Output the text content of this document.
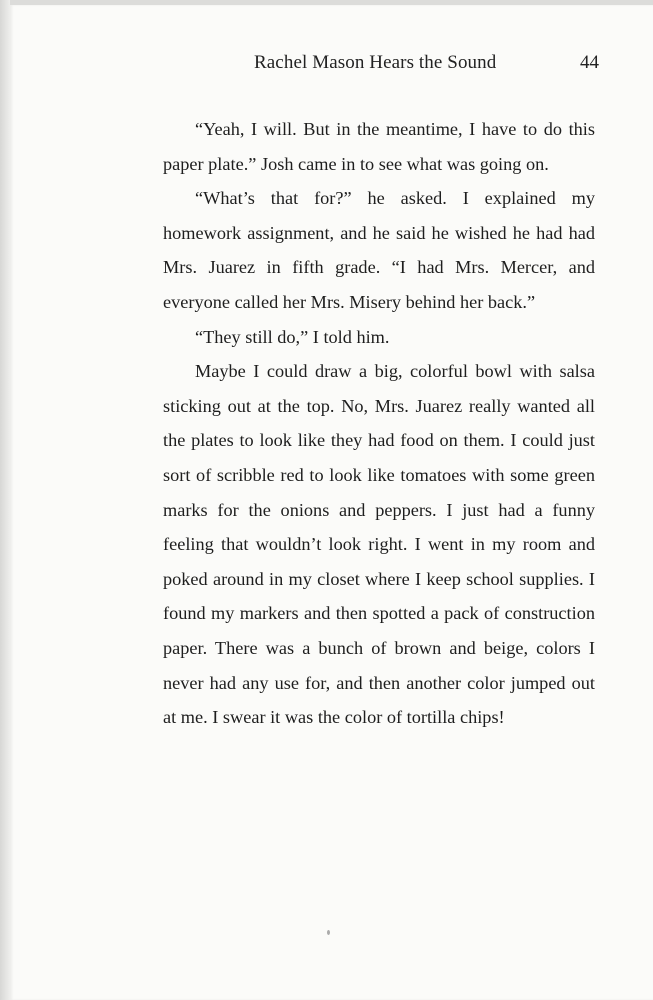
Rachel Mason Hears the Sound	44

“Yeah, I will. But in the meantime, I have to do this paper plate.” Josh came in to see what was going on.

“What’s that for?” he asked. I explained my homework assignment, and he said he wished he had had Mrs. Juarez in fifth grade. “I had Mrs. Mercer, and everyone called her Mrs. Misery behind her back.”

“They still do,” I told him.

Maybe I could draw a big, colorful bowl with salsa sticking out at the top. No, Mrs. Juarez really wanted all the plates to look like they had food on them. I could just sort of scribble red to look like tomatoes with some green marks for the onions and peppers. I just had a funny feeling that wouldn’t look right. I went in my room and poked around in my closet where I keep school supplies. I found my markers and then spotted a pack of construction paper. There was a bunch of brown and beige, colors I never had any use for, and then another color jumped out at me. I swear it was the color of tortilla chips!
